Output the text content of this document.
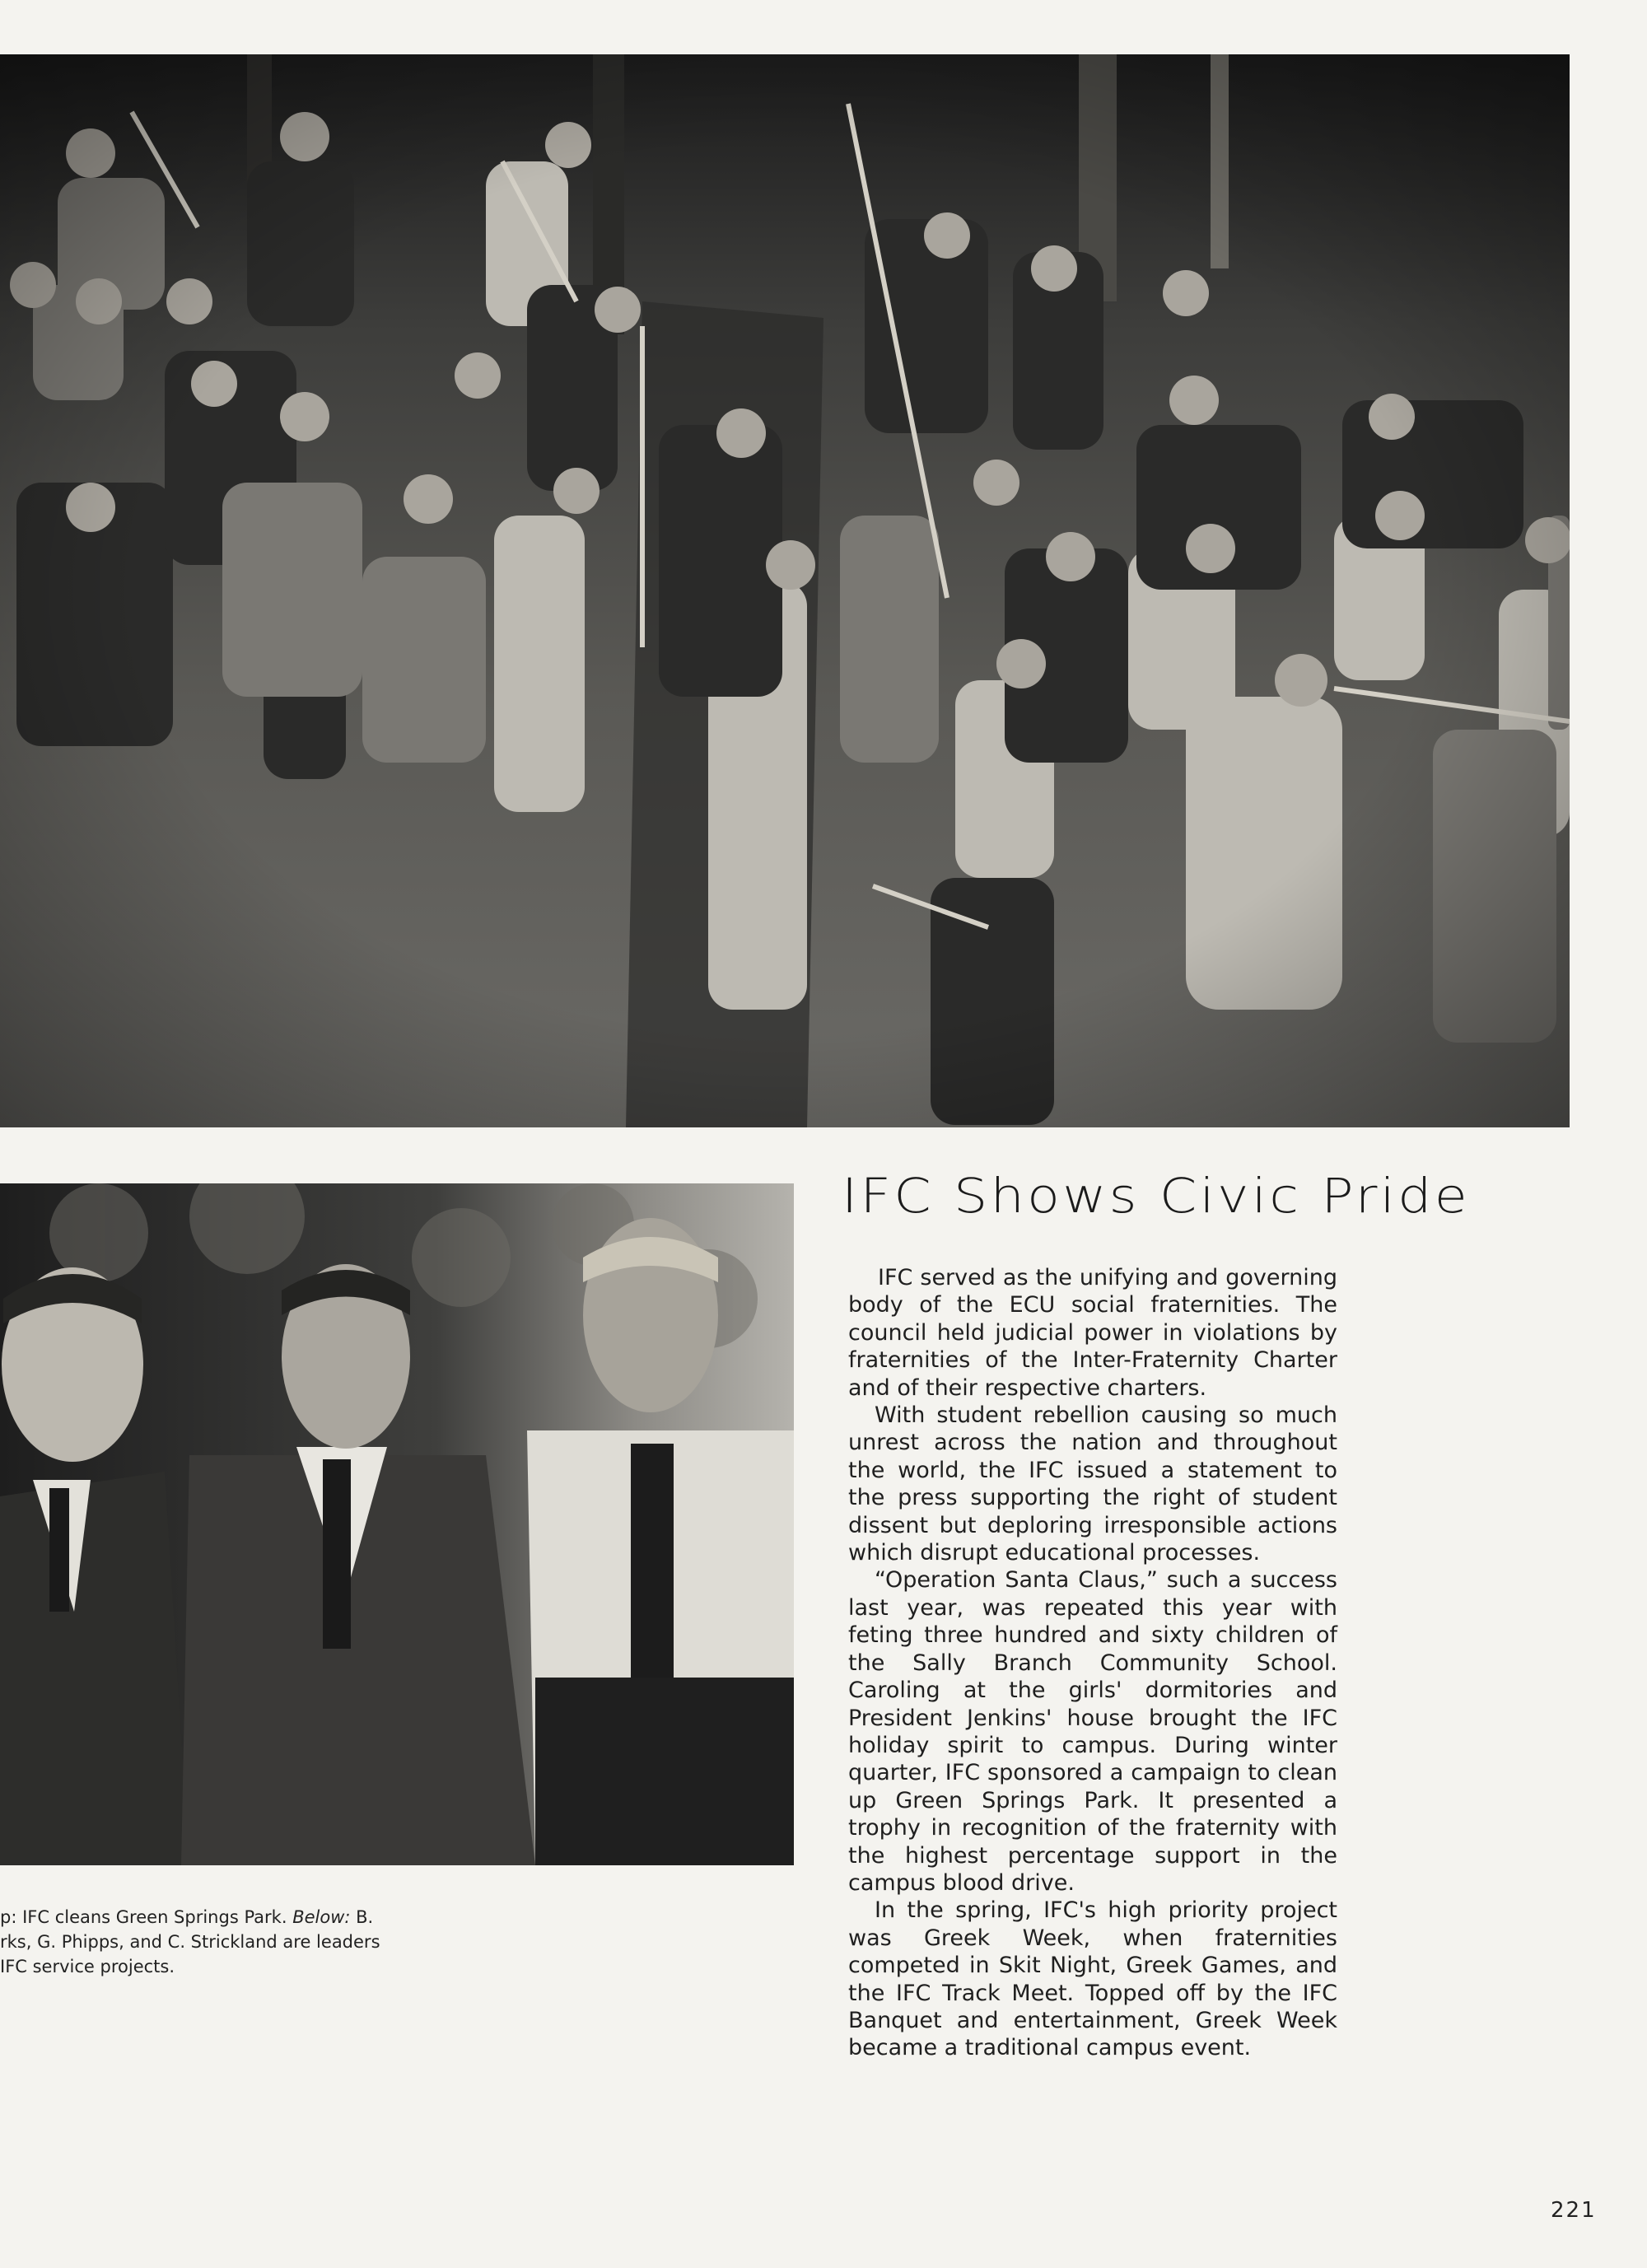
p: IFC cleans Green Springs Park. Below: B.
rks, G. Phipps, and C. Strickland are leaders
IFC service projects.
IFC Shows Civic Pride

IFC served as the unifying and governing body of the ECU social fraternities. The council held judicial power in violations by fraternities of the Inter-Fraternity Charter and of their respective charters.

With student rebellion causing so much unrest across the nation and throughout the world, the IFC issued a statement to the press supporting the right of student dissent but deploring irresponsible actions which disrupt educational processes.

“Operation Santa Claus,” such a success last year, was repeated this year with feting three hundred and sixty children of the Sally Branch Community School. Caroling at the girls' dormitories and President Jenkins' house brought the IFC holiday spirit to campus. During winter quarter, IFC sponsored a campaign to clean up Green Springs Park. It presented a trophy in recognition of the fraternity with the highest percentage support in the campus blood drive.

In the spring, IFC's high priority project was Greek Week, when fraternities competed in Skit Night, Greek Games, and the IFC Track Meet. Topped off by the IFC Banquet and entertainment, Greek Week became a traditional campus event.

221
